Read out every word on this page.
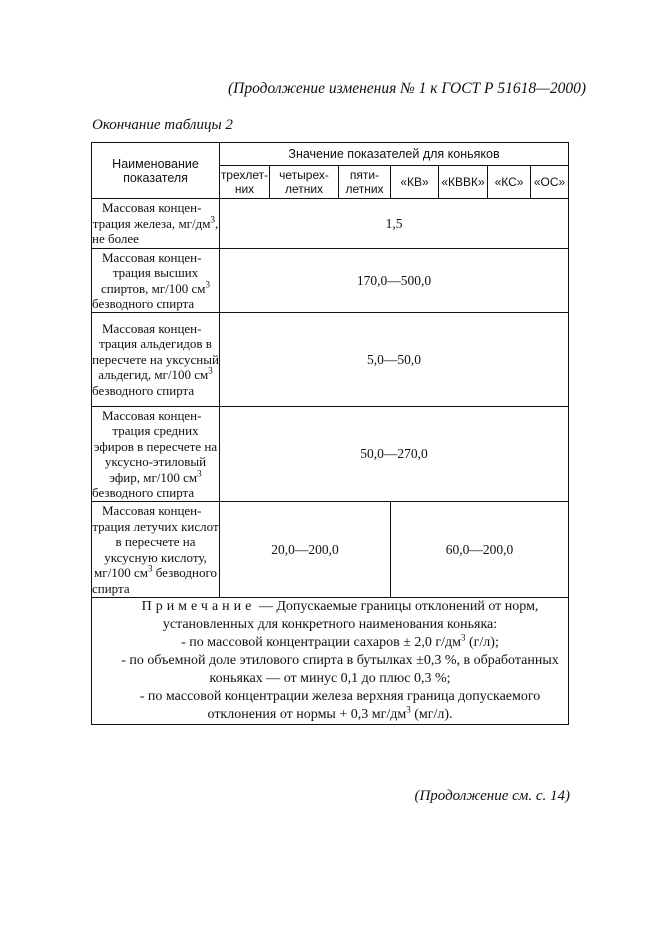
(Продолжение изменения № 1 к ГОСТ Р 51618—2000)
Окончание таблицы 2
Наименование показателя	Значение показателей для коньяков						
	трехлет-них	четырех-летних	пяти-летних	«КВ»	«КВВК»	«КС»	«ОС»

Массовая концен-
трация железа, $мг/дм^3$, не более	1,5						

Массовая концен-
трация высших спиртов, мг/100 $см^3$ безводного спирта	170,0—500,0						

Массовая концен-
трация альдегидов в пересчете на уксусный альдегид, мг/100 $см^3$ безводного спирта	5,0—50,0						

Массовая концен-
трация средних эфиров в пересчете на уксусно-этиловый эфир, мг/100 $см^3$ безводного спирта	50,0—270,0						

Массовая концен-
трация летучих кислот в пересчете на уксусную кислоту, мг/100 $см^3$ безводного спирта	20,0—200,0			60,0—200,0			

Примечание — Допускаемые границы отклонений от норм, установленных для конкретного наименования коньяка:

- по массовой концентрации сахаров ± 2,0 $г/дм^3$ (г/л);

- по объемной доле этилового спирта в бутылках ±0,3 %, в обработанных коньяках — от минус 0,1 до плюс 0,3 %;

- по массовой концентрации железа верхняя граница допускаемого отклонения от нормы + 0,3 $мг/дм^3$ (мг/л).							

(Продолжение см. с. 14)
